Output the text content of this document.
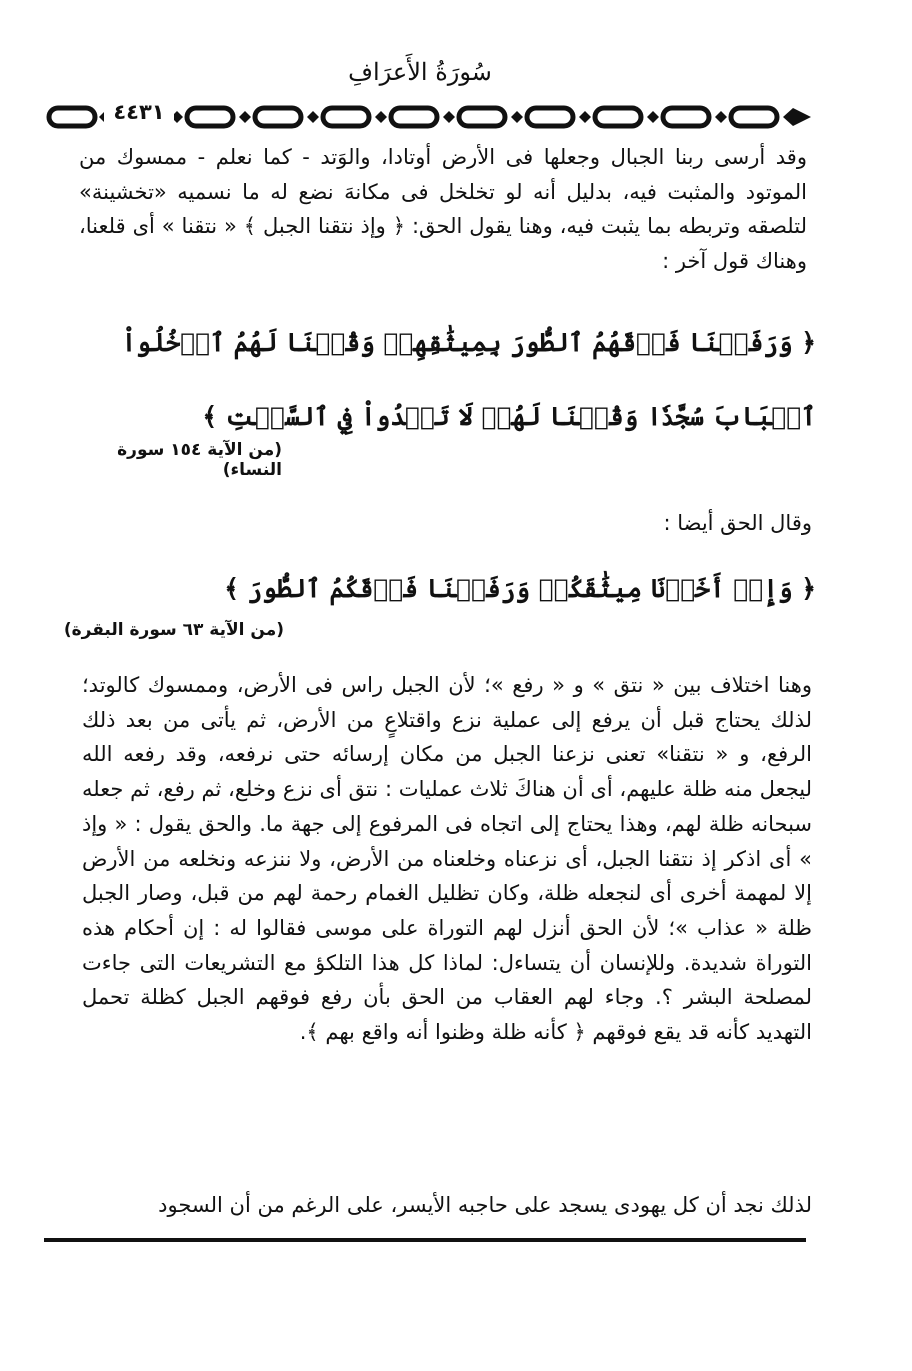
سُورَةُ الأَعرَافِ
٤٤٣١
وقد أرسى ربنا الجبال وجعلها فى الأرض أوتادا، والوَتد - كما نعلم - ممسوك من الموتود والمثبت فيه، بدليل أنه لو تخلخل فى مكانهَ نضع له ما نسميه «تخشينة» لتلصقه وتربطه بما يثبت فيه، وهنا يقول الحق: ﴿ وإذ نتقنا الجبل ﴾ « نتقنا » أى قلعنا، وهناك قول آخر :
﴿ وَرَفَعۡنَا فَوۡقَهُمُ ٱلطُّورَ بِمِيثَٰقِهِمۡ وَقُلۡنَا لَهُمُ ٱدۡخُلُواْ ٱلۡبَابَ سُجَّدٗا وَقُلۡنَا لَهُمۡ لَا تَعۡدُواْ فِي ٱلسَّبۡتِ ﴾
(من الآية ١٥٤ سورة النساء)
وقال الحق أيضا :
﴿ وَإِذۡ أَخَذۡنَا مِيثَٰقَكُمۡ وَرَفَعۡنَا فَوۡقَكُمُ ٱلطُّورَ ﴾
(من الآية ٦٣ سورة البقرة)
وهنا اختلاف بين « نتق » و « رفع »؛ لأن الجبل راس فى الأرض، وممسوك كالوتد؛ لذلك يحتاج قبل أن يرفع إلى عملية نزع واقتلاعٍ من الأرض، ثم يأتى من بعد ذلك الرفع، و « نتقنا» تعنى نزعنا الجبل من مكان إرسائه حتى نرفعه، وقد رفعه الله ليجعل منه ظلة عليهم، أى أن هناكَ ثلاث عمليات : نتق أى نزع وخلع، ثم رفع، ثم جعله سبحانه ظلة لهم، وهذا يحتاج إلى اتجاه فى المرفوع إلى جهة ما. والحق يقول : « وإذ » أى اذكر إذ نتقنا الجبل، أى نزعناه وخلعناه من الأرض، ولا ننزعه ونخلعه من الأرض إلا لمهمة أخرى أى لنجعله ظلة، وكان تظليل الغمام رحمة لهم من قبل، وصار الجبل ظلة « عذاب »؛ لأن الحق أنزل لهم التوراة على موسى فقالوا له : إن أحكام هذه التوراة شديدة. وللإنسان أن يتساءل: لماذا كل هذا التلكؤ مع التشريعات التى جاءت لمصلحة البشر ؟. وجاء لهم العقاب من الحق بأن رفع فوقهم الجبل كظلة تحمل التهديد كأنه قد يقع فوقهم ﴿ كأنه ظلة وظنوا أنه واقع بهم ﴾.
لذلك نجد أن كل يهودى يسجد على حاجبه الأيسر، على الرغم من أن السجود
